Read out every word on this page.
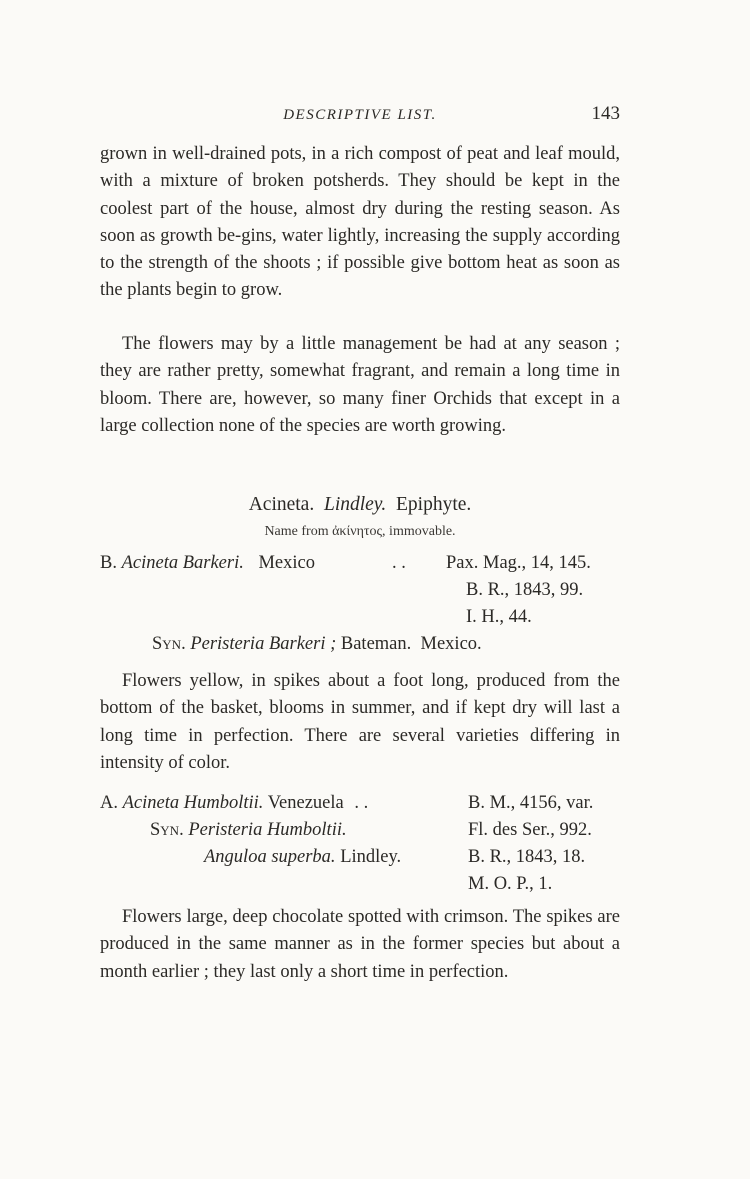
DESCRIPTIVE LIST.	143

grown in well-drained pots, in a rich compost of peat and leaf mould, with a mixture of broken potsherds. They should be kept in the coolest part of the house, almost dry during the resting season. As soon as growth be-gins, water lightly, increasing the supply according to the strength of the shoots ; if possible give bottom heat as soon as the plants begin to grow.

The flowers may by a little management be had at any season ; they are rather pretty, somewhat fragrant, and remain a long time in bloom. There are, however, so many finer Orchids that except in a large collection none of the species are worth growing.

Acineta. Lindley. Epiphyte.
Name from ἀκίνητος, immovable.
B. Acineta Barkeri. Mexico	. . Pax. Mag., 14, 145.
B. R., 1843, 99.
I. H., 44.
Syn. Peristeria Barkeri ; Bateman. Mexico.

Flowers yellow, in spikes about a foot long, produced from the bottom of the basket, blooms in summer, and if kept dry will last a long time in perfection. There are several varieties differing in intensity of color.

A. Acineta Humboltii. Venezuela . .	B. M., 4156, var.
Syn. Peristeria Humboltii.	Fl. des Ser., 992.
Anguloa superba. Lindley.	B. R., 1843, 18.
M. O. P., 1.

Flowers large, deep chocolate spotted with crimson. The spikes are produced in the same manner as in the former species but about a month earlier ; they last only a short time in perfection.
